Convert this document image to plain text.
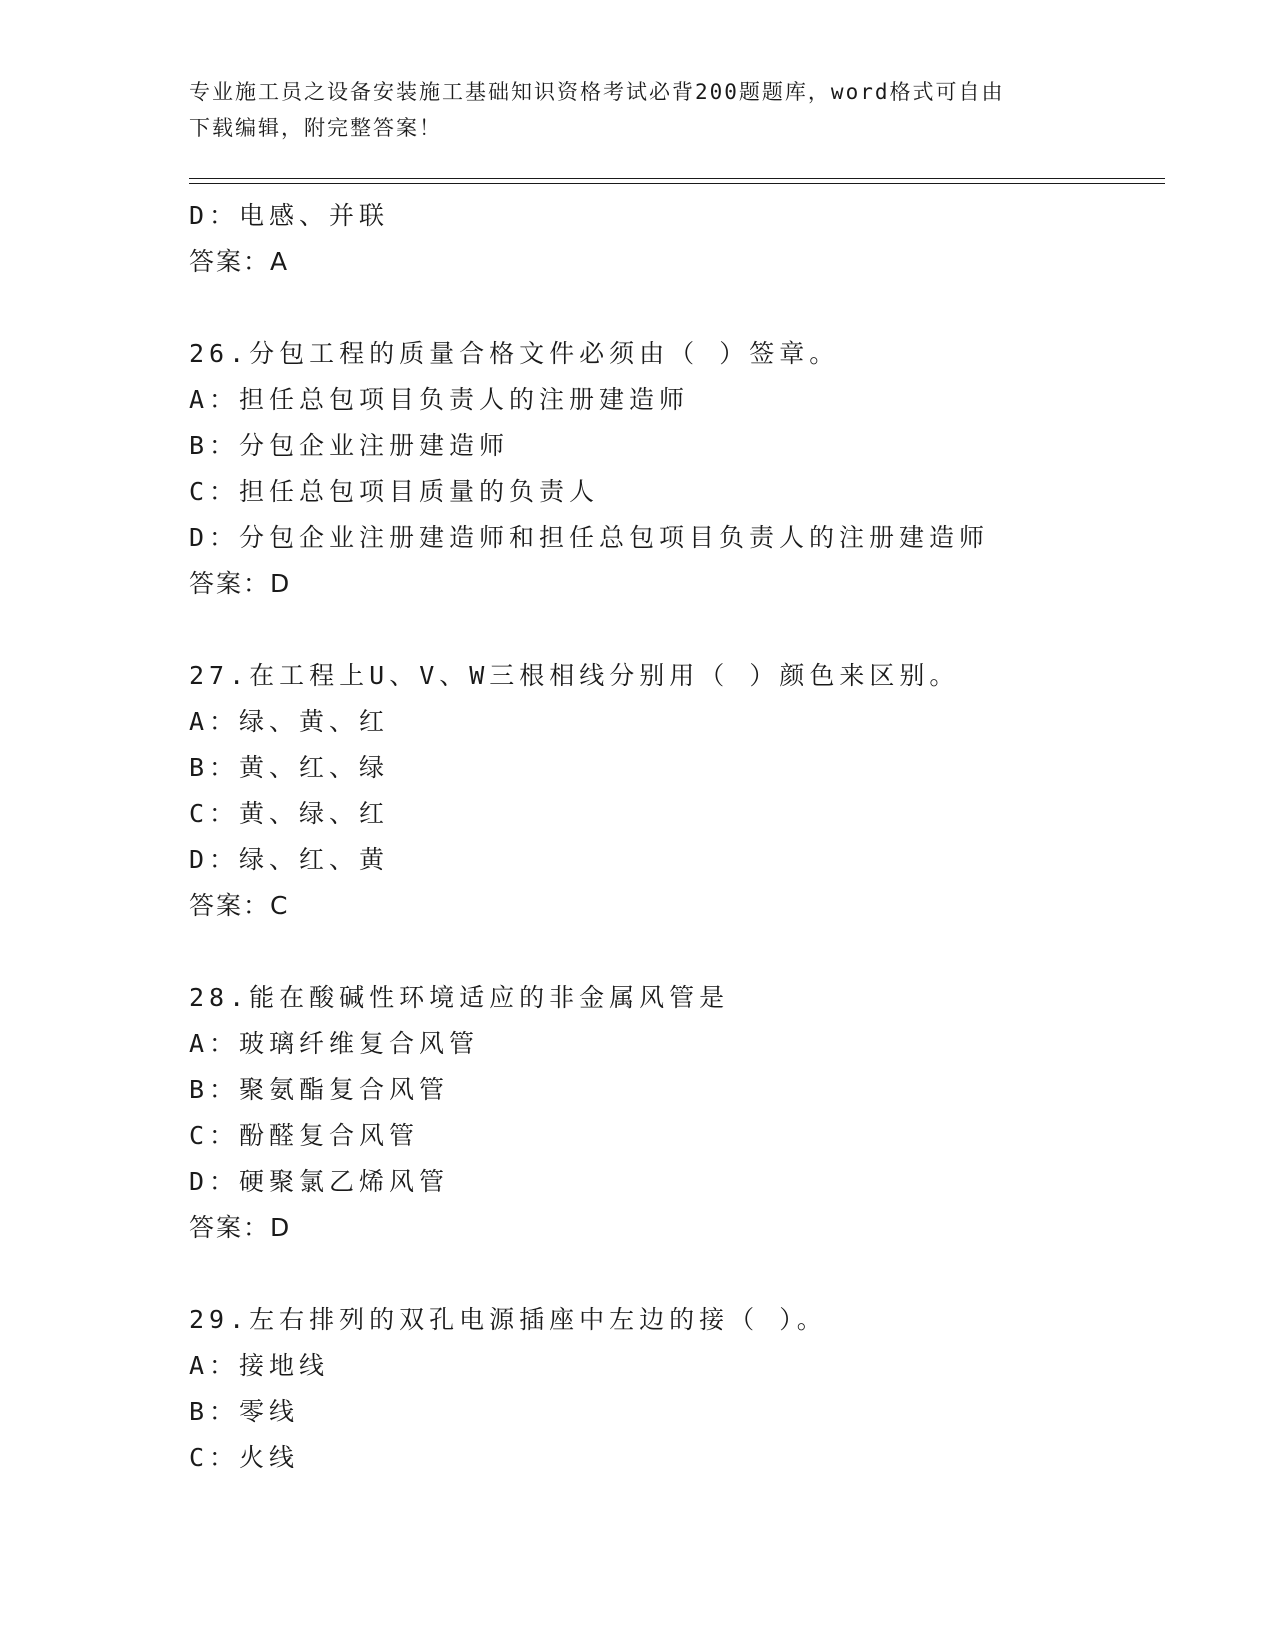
专业施工员之设备安装施工基础知识资格考试必背200题题库，word格式可自由
下载编辑，附完整答案！
D：电感、并联
答案：A
26.分包工程的质量合格文件必须由（ ）签章。
A：担任总包项目负责人的注册建造师
B：分包企业注册建造师
C：担任总包项目质量的负责人
D：分包企业注册建造师和担任总包项目负责人的注册建造师
答案：D
27.在工程上U、V、W三根相线分别用（ ）颜色来区别。
A：绿、黄、红
B：黄、红、绿
C：黄、绿、红
D：绿、红、黄
答案：C
28.能在酸碱性环境适应的非金属风管是
A：玻璃纤维复合风管
B：聚氨酯复合风管
C：酚醛复合风管
D：硬聚氯乙烯风管
答案：D
29.左右排列的双孔电源插座中左边的接（ ）。
A：接地线
B：零线
C：火线
